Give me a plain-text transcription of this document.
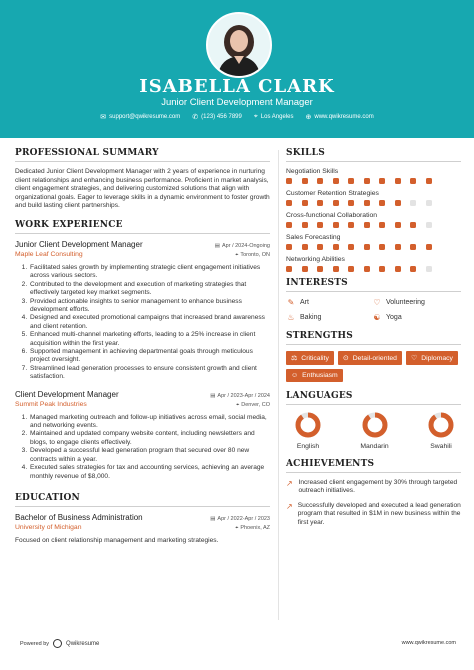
ISABELLA CLARK
Junior Client Development Manager
✉ support@qwikresume.com ✆ (123) 456 7899 ⌖ Los Angeles ⊕ www.qwikresume.com
PROFESSIONAL SUMMARY
Dedicated Junior Client Development Manager with 2 years of experience in nurturing client relationships and enhancing business performance. Proficient in market analysis, client engagement strategies, and delivering customized solutions that align with organizational goals. Eager to leverage skills in a dynamic environment to foster growth and build lasting client partnerships.
WORK EXPERIENCE
Junior Client Development Manager	▤ Apr / 2024-Ongoing
Maple Leaf Consulting	⌖ Toronto, ON
1. Facilitated sales growth by implementing strategic client engagement initiatives across various sectors.
2. Contributed to the development and execution of marketing strategies that effectively targeted key market segments.
3. Provided actionable insights to senior management to enhance business development efforts.
4. Designed and executed promotional campaigns that increased brand awareness and client retention.
5. Enhanced multi-channel marketing efforts, leading to a 25% increase in client acquisition within the first year.
6. Supported management in achieving departmental goals through meticulous project oversight.
7. Streamlined lead generation processes to ensure consistent growth and client satisfaction.
Client Development Manager	▤ Apr / 2023-Apr / 2024
Summit Peak Industries	⌖ Denver, CO
1. Managed marketing outreach and follow-up initiatives across email, social media, and networking events.
2. Maintained and updated company website content, including newsletters and blogs, to engage clients effectively.
3. Developed a successful lead generation program that secured over 80 new contracts within a year.
4. Executed sales strategies for tax and accounting services, achieving an average monthly revenue of $8,000.
EDUCATION
Bachelor of Business Administration	▤ Apr / 2022-Apr / 2023
University of Michigan	⌖ Phoenix, AZ
Focused on client relationship management and marketing strategies.
SKILLS
Negotiation Skills
Customer Retention Strategies
Cross-functional Collaboration
Sales Forecasting
Networking Abilities
INTERESTS
✎ Art	♡ Volunteering
♨ Baking	☯ Yoga
STRENGTHS
⚖ Criticality ⊙ Detail-oriented ♡ Diplomacy
☺ Enthusiasm
LANGUAGES
English	Mandarin	Swahili
ACHIEVEMENTS
↗ Increased client engagement by 30% through targeted outreach initiatives.
↗ Successfully developed and executed a lead generation program that resulted in $1M in new business within the first year.
Powered by	Qwikresume	www.qwikresume.com
